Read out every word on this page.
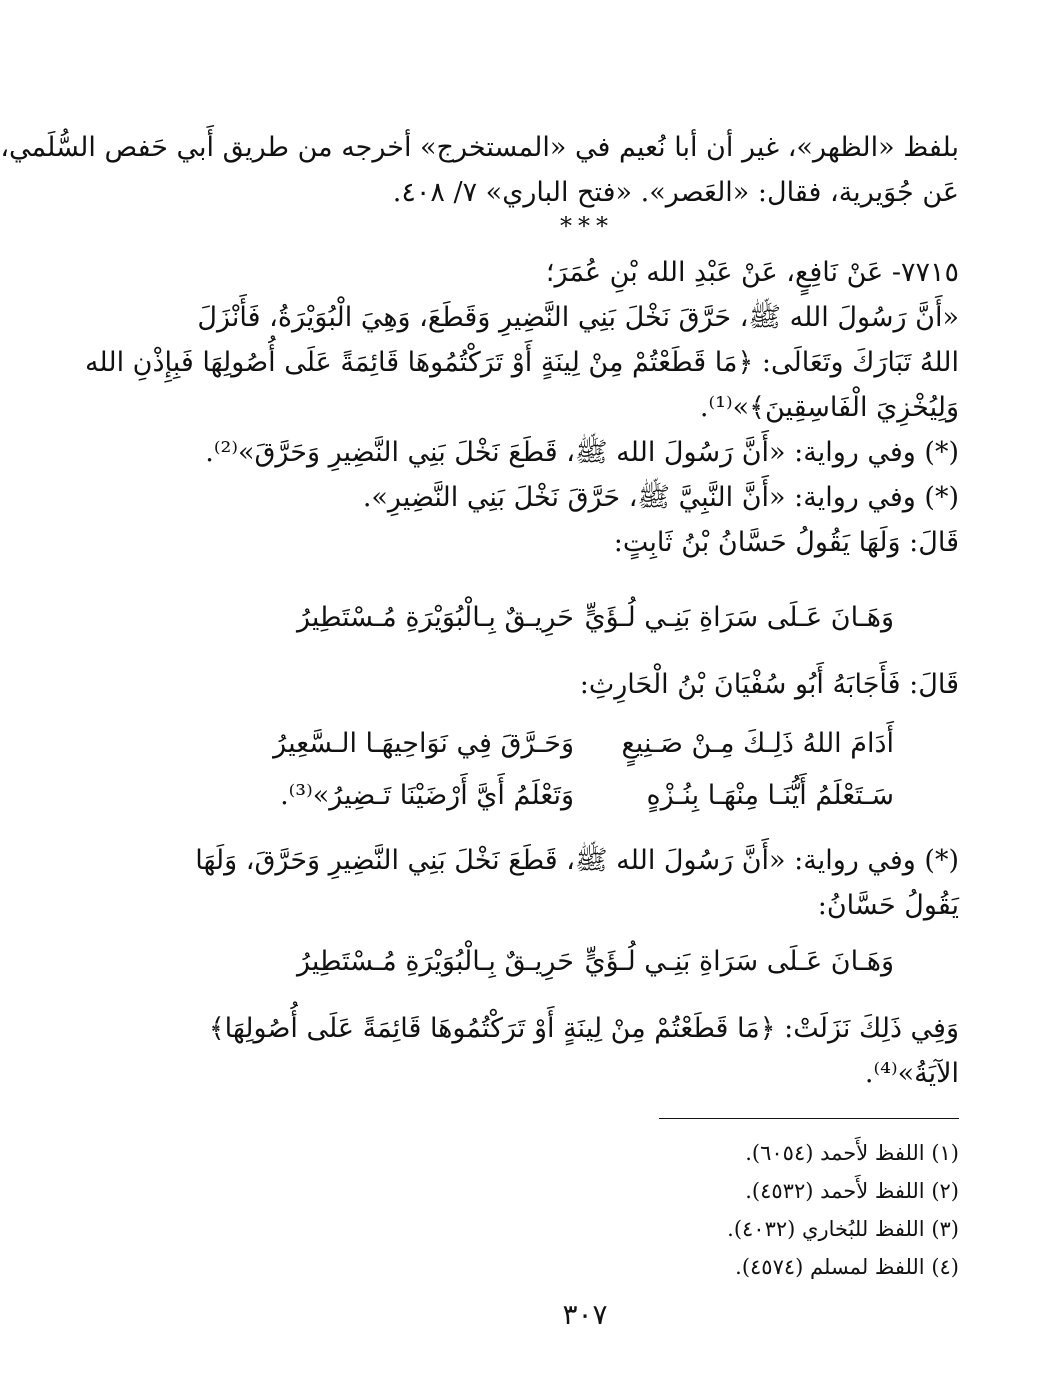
بلفظ «الظهر»، غير أن أبا نُعيم في «المستخرج» أخرجه من طريق أَبي حَفص السُّلَمي،
عَن جُوَيرية، فقال: «العَصر». «فتح الباري» ٧/ ٤٠٨.
***
٧٧١٥- عَنْ نَافِعٍ، عَنْ عَبْدِ الله بْنِ عُمَرَ؛
«أَنَّ رَسُولَ الله ﷺ، حَرَّقَ نَخْلَ بَنِي النَّضِيرِ وَقَطَعَ، وَهِيَ الْبُوَيْرَةُ، فَأَنْزَلَ
اللهُ تَبَارَكَ وتَعَالَى: ﴿مَا قَطَعْتُمْ مِنْ لِينَةٍ أَوْ تَرَكْتُمُوهَا قَائِمَةً عَلَى أُصُولِهَا فَبِإِذْنِ الله
وَلِيُخْزِيَ الْفَاسِقِينَ﴾»⁽¹⁾.
(*) وفي رواية: «أَنَّ رَسُولَ الله ﷺ، قَطَعَ نَخْلَ بَنِي النَّضِيرِ وَحَرَّقَ»⁽²⁾.
(*) وفي رواية: «أَنَّ النَّبِيَّ ﷺ، حَرَّقَ نَخْلَ بَنِي النَّضِيرِ».
قَالَ: وَلَهَا يَقُولُ حَسَّانُ بْنُ ثَابِتٍ:
وَهَـانَ عَـلَى سَرَاةِ بَنِـي لُـؤَيٍّ
حَرِيـقٌ بِـالْبُوَيْرَةِ مُـسْتَطِيرُ
قَالَ: فَأَجَابَهُ أَبُو سُفْيَانَ بْنُ الْحَارِثِ:
أَدَامَ اللهُ ذَلِـكَ مِـنْ صَـنِيعٍ
وَحَـرَّقَ فِي نَوَاحِيهَـا الـسَّعِيرُ
سَـتَعْلَمُ أَيُّنَـا مِنْهَـا بِنُـزْهٍ
وَتَعْلَمُ أَيَّ أَرْضَيْنَا تَـضِيرُ»⁽³⁾.
(*) وفي رواية: «أَنَّ رَسُولَ الله ﷺ، قَطَعَ نَخْلَ بَنِي النَّضِيرِ وَحَرَّقَ، وَلَهَا
يَقُولُ حَسَّانُ:
وَهَـانَ عَـلَى سَرَاةِ بَنِـي لُـؤَيٍّ
حَرِيـقٌ بِـالْبُوَيْرَةِ مُـسْتَطِيرُ
وَفِي ذَلِكَ نَزَلَتْ: ﴿مَا قَطَعْتُمْ مِنْ لِينَةٍ أَوْ تَرَكْتُمُوهَا قَائِمَةً عَلَى أُصُولِهَا﴾
الآيَةُ»⁽⁴⁾.
(١) اللفظ لأَحمد (٦٠٥٤).
(٢) اللفظ لأَحمد (٤٥٣٢).
(٣) اللفظ للبُخاري (٤٠٣٢).
(٤) اللفظ لمسلم (٤٥٧٤).
٣٠٧
